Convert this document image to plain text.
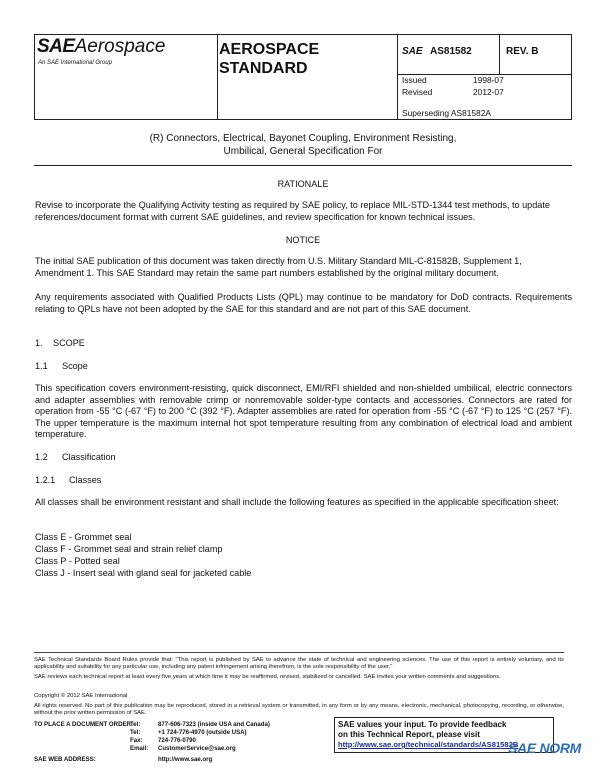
SAEAerospace
An SAE International Group
AEROSPACE
STANDARD
SAE AS81582	REV. B
Issued	1998-07
Revised	2012-07
Superseding AS81582A
(R) Connectors, Electrical, Bayonet Coupling, Environment Resisting,
Umbilical, General Specification For
RATIONALE
Revise to incorporate the Qualifying Activity testing as required by SAE policy, to replace MIL-STD-1344 test methods, to update references/document format with current SAE guidelines, and review specification for known technical issues.
NOTICE
The initial SAE publication of this document was taken directly from U.S. Military Standard MIL-C-81582B, Supplement 1, Amendment 1. This SAE Standard may retain the same part numbers established by the original military document.
Any requirements associated with Qualified Products Lists (QPL) may continue to be mandatory for DoD contracts. Requirements relating to QPLs have not been adopted by the SAE for this standard and are not part of this SAE document.
1. SCOPE
1.1 Scope
This specification covers environment-resisting, quick disconnect, EMI/RFI shielded and non-shielded umbilical, electric connectors and adapter assemblies with removable crimp or nonremovable solder-type contacts and accessories. Connectors are rated for operation from -55 °C (-67 °F) to 200 °C (392 °F). Adapter assemblies are rated for operation from -55 °C (-67 °F) to 125 °C (257 °F). The upper temperature is the maximum internal hot spot temperature resulting from any combination of electrical load and ambient temperature.
1.2 Classification
1.2.1 Classes
All classes shall be environment resistant and shall include the following features as specified in the applicable specification sheet:
Class E - Grommet seal
Class F - Grommet seal and strain relief clamp
Class P - Potted seal
Class J - Insert seal with gland seal for jacketed cable
SAE Technical Standards Board Rules provide that: "This report is published by SAE to advance the state of technical and engineering sciences. The use of this report is entirely voluntary, and its applicability and suitability for any particular use, including any patent infringement arising therefrom, is the sole responsibility of the user."
SAE reviews each technical report at least every five years at which time it may be reaffirmed, revised, stabilized or cancelled. SAE invites your written comments and suggestions.
Copyright © 2012 SAE International
All rights reserved. No part of this publication may be reproduced, stored in a retrieval system or transmitted, in any form or by any means, electronic, mechanical, photocopying, recording, or otherwise, without the prior written permission of SAE.
TO PLACE A DOCUMENT ORDER:
Tel:	877-606-7323 (inside USA and Canada)
Tel:	+1 724-776-4970 (outside USA)
Fax:	724-776-0790
Email: CustomerService@sae.org
SAE WEB ADDRESS:	http://www.sae.org
SAE values your input. To provide feedback
on this Technical Report, please visit
http://www.sae.org/technical/standards/AS81582B
SAE NORM
